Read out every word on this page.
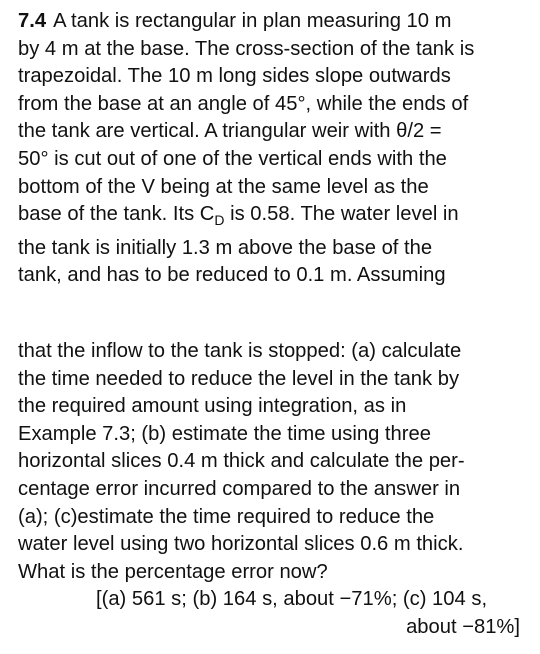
7.4 A tank is rectangular in plan measuring 10 m
by 4 m at the base. The cross-section of the tank is
trapezoidal. The 10 m long sides slope outwards
from the base at an angle of 45°, while the ends of
the tank are vertical. A triangular weir with θ/2 =
50° is cut out of one of the vertical ends with the
bottom of the V being at the same level as the
base of the tank. Its $C_D$ is 0.58. The water level in
the tank is initially 1.3 m above the base of the
tank, and has to be reduced to 0.1 m. Assuming
that the inflow to the tank is stopped: (a) calculate
the time needed to reduce the level in the tank by
the required amount using integration, as in
Example 7.3; (b) estimate the time using three
horizontal slices 0.4 m thick and calculate the per-
centage error incurred compared to the answer in
(a); (c)estimate the time required to reduce the
water level using two horizontal slices 0.6 m thick.
What is the percentage error now?
[(a) 561 s; (b) 164 s, about −71%; (c) 104 s,
about −81%]
